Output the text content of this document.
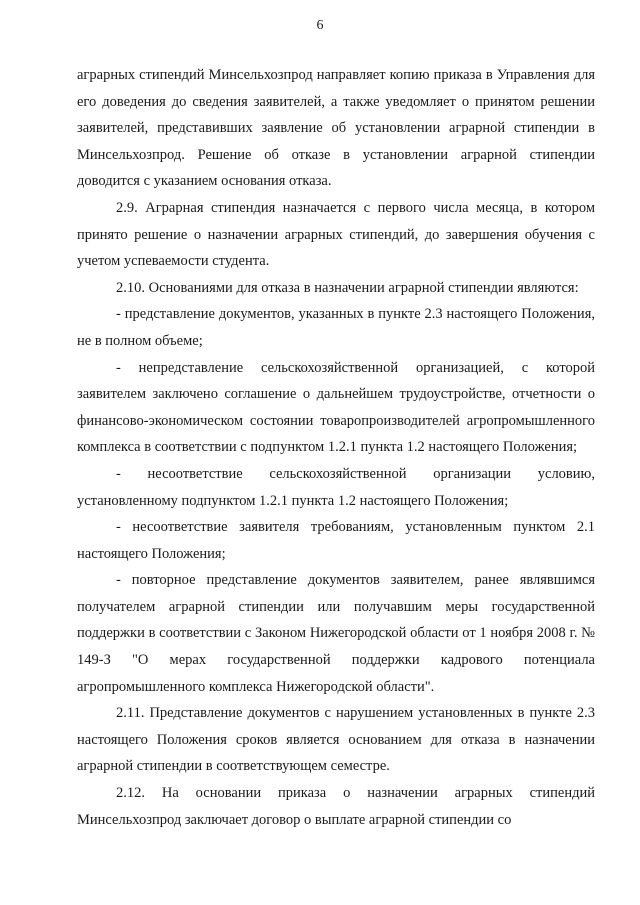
6

аграрных стипендий Минсельхозпрод направляет копию приказа в Управления для его доведения до сведения заявителей, а также уведомляет о принятом решении заявителей, представивших заявление об установлении аграрной стипендии в Минсельхозпрод. Решение об отказе в установлении аграрной стипендии доводится с указанием основания отказа.

2.9. Аграрная стипендия назначается с первого числа месяца, в котором принято решение о назначении аграрных стипендий, до завершения обучения с учетом успеваемости студента.

2.10. Основаниями для отказа в назначении аграрной стипендии являются:

- представление документов, указанных в пункте 2.3 настоящего Положения, не в полном объеме;

- непредставление сельскохозяйственной организацией, с которой заявителем заключено соглашение о дальнейшем трудоустройстве, отчетности о финансово-экономическом состоянии товаропроизводителей агропромышленного комплекса в соответствии с подпунктом 1.2.1 пункта 1.2 настоящего Положения;

- несоответствие сельскохозяйственной организации условию, установленному подпунктом 1.2.1 пункта 1.2 настоящего Положения;

- несоответствие заявителя требованиям, установленным пунктом 2.1 настоящего Положения;

- повторное представление документов заявителем, ранее являвшимся получателем аграрной стипендии или получавшим меры государственной поддержки в соответствии с Законом Нижегородской области от 1 ноября 2008 г. № 149-З "О мерах государственной поддержки кадрового потенциала агропромышленного комплекса Нижегородской области".

2.11. Представление документов с нарушением установленных в пункте 2.3 настоящего Положения сроков является основанием для отказа в назначении аграрной стипендии в соответствующем семестре.

2.12. На основании приказа о назначении аграрных стипендий Минсельхозпрод заключает договор о выплате аграрной стипендии со
